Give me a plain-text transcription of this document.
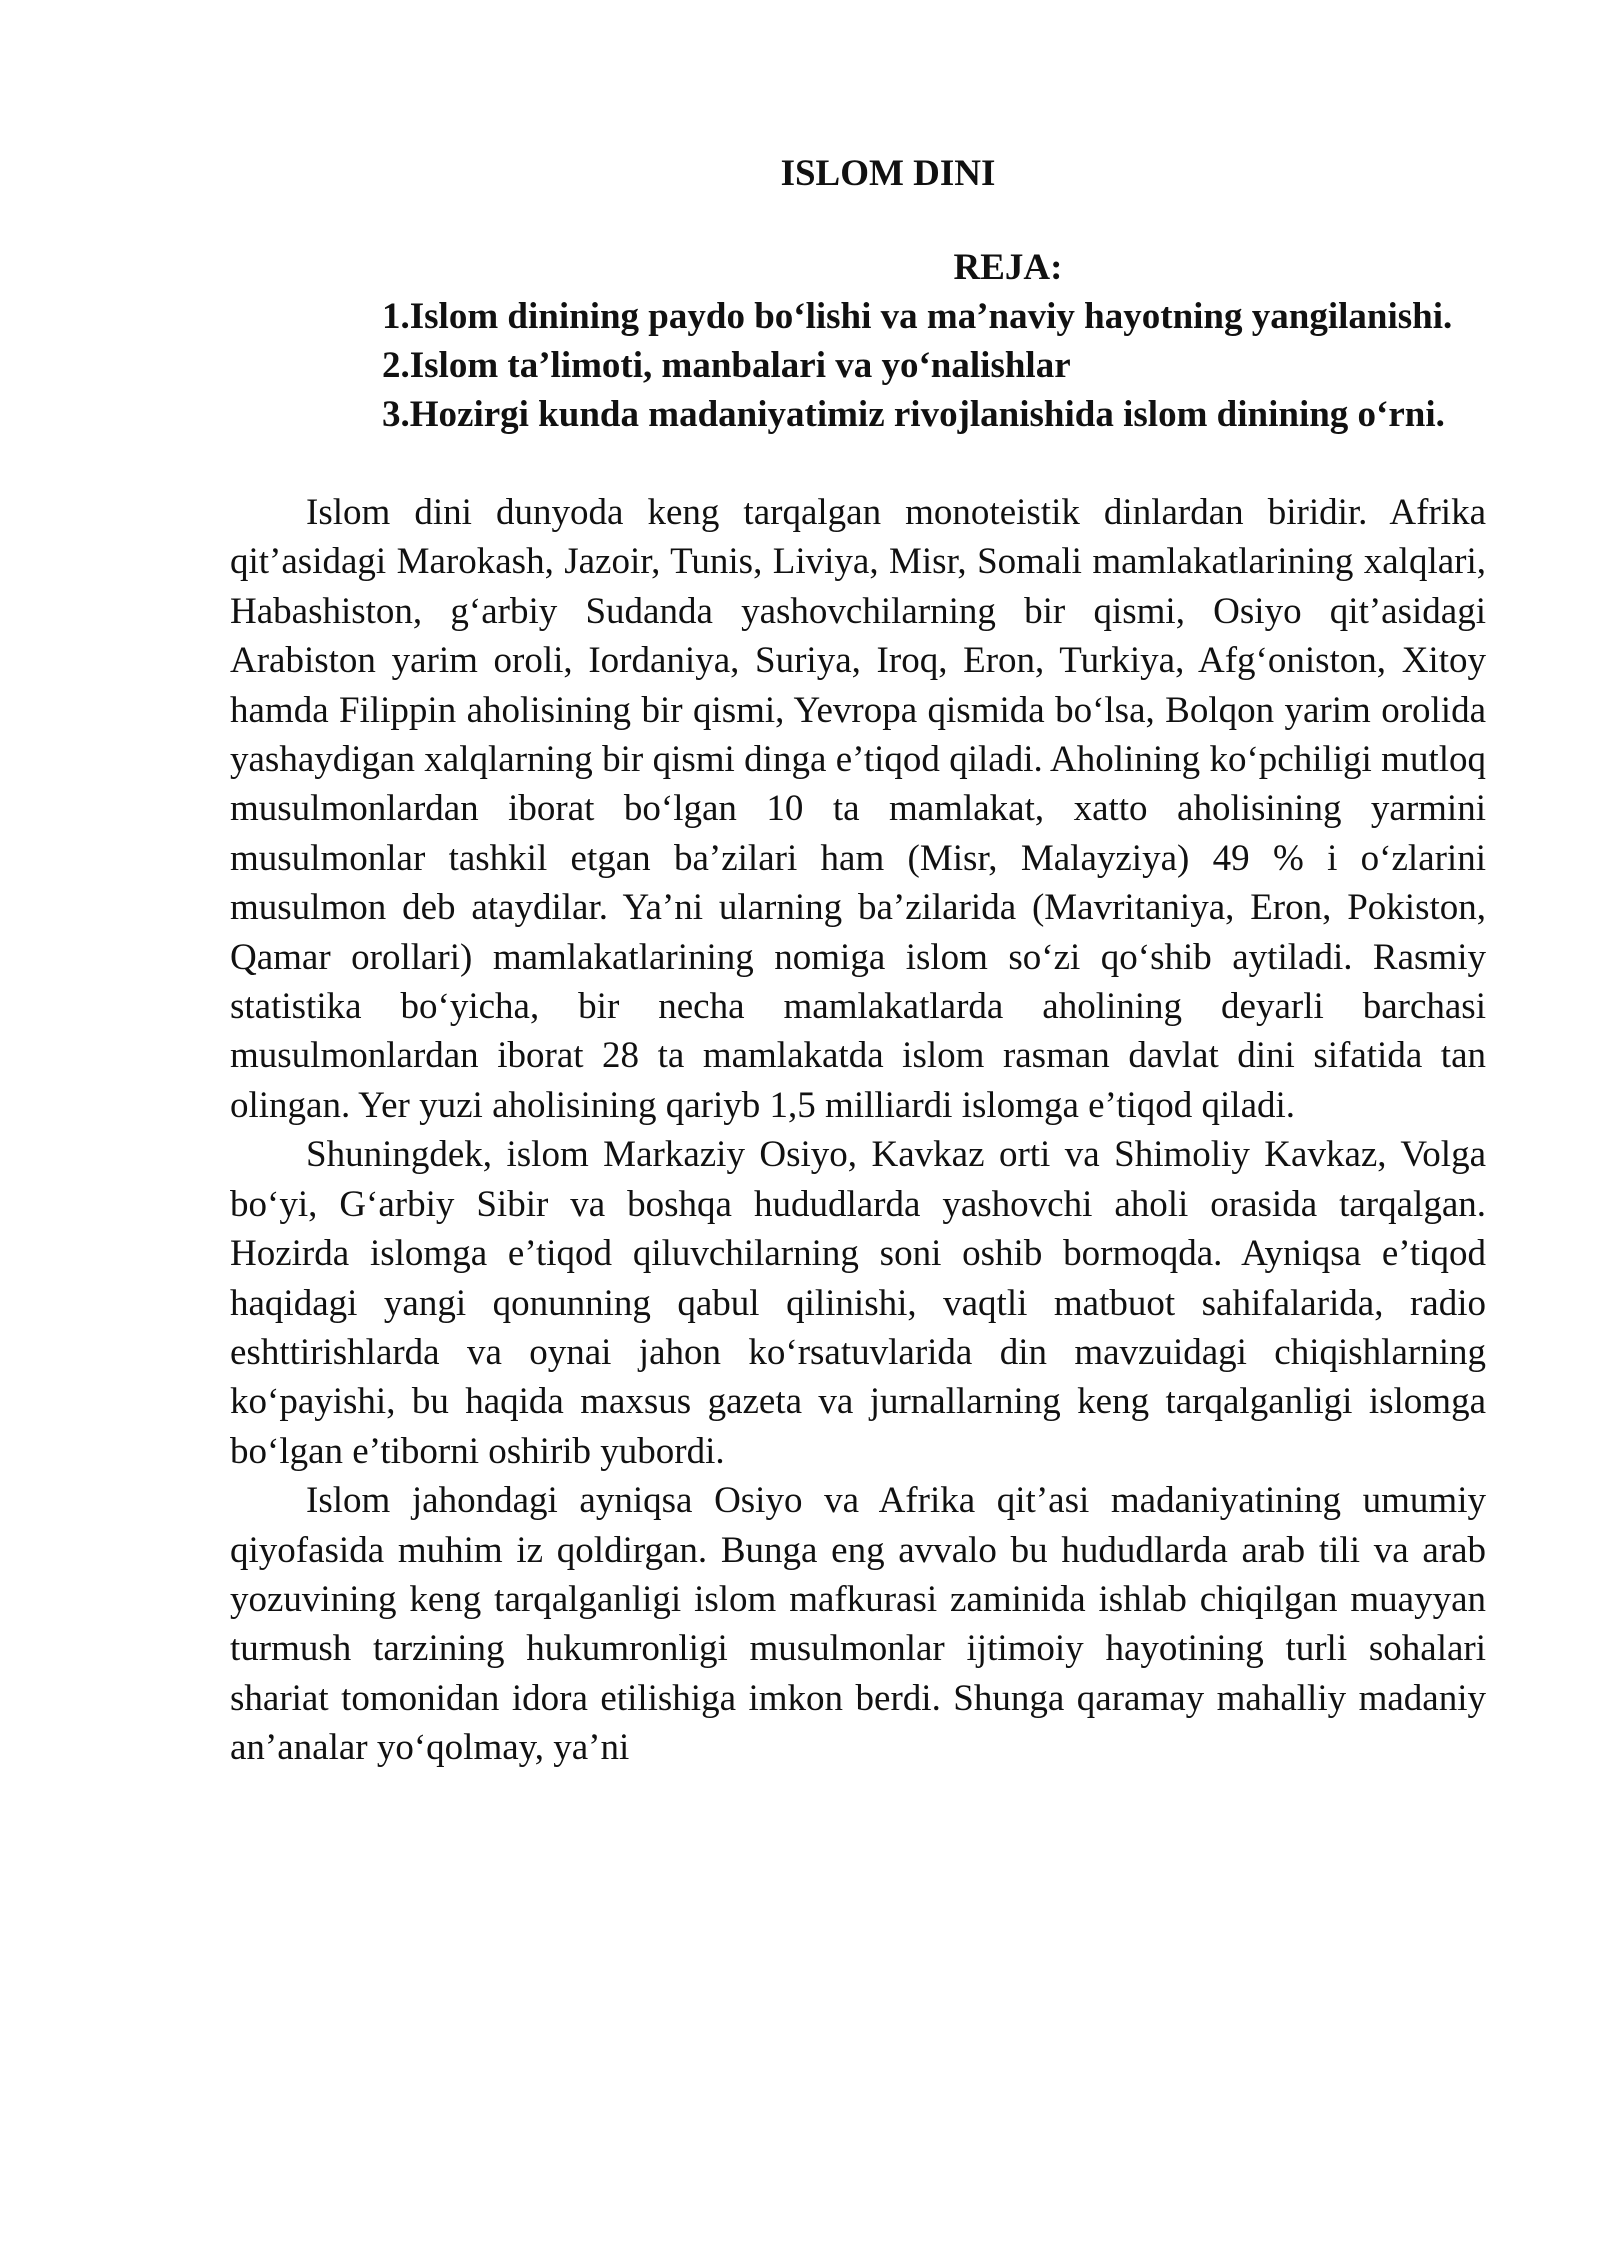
ISLOM DINI
REJA:
1.Islom dinining paydo bo‘lishi va ma’naviy hayotning yangilanishi.
2.Islom ta’limoti, manbalari va yo‘nalishlar
3.Hozirgi kunda madaniyatimiz rivojlanishida islom dinining o‘rni.

Islom dini dunyoda keng tarqalgan monoteistik dinlardan biridir. Afrika qit’asidagi Marokash, Jazoir, Tunis, Liviya, Misr, Somali mamlakatlarining xalqlari, Habashiston, g‘arbiy Sudanda yashovchilarning bir qismi, Osiyo qit’asidagi Arabiston yarim oroli, Iordaniya, Suriya, Iroq, Eron, Turkiya, Afg‘oniston, Xitoy hamda Filippin aholisining bir qismi, Yevropa qismida bo‘lsa, Bolqon yarim orolida yashaydigan xalqlarning bir qismi dinga e’tiqod qiladi. Aholining ko‘pchiligi mutloq musulmonlardan iborat bo‘lgan 10 ta mamlakat, xatto aholisining yarmini musulmonlar tashkil etgan ba’zilari ham (Misr, Malayziya) 49 % i o‘zlarini musulmon deb ataydilar. Ya’ni ularning ba’zilarida (Mavritaniya, Eron, Pokiston, Qamar orollari) mamlakatlarining nomiga islom so‘zi qo‘shib aytiladi. Rasmiy statistika bo‘yicha, bir necha mamlakatlarda aholining deyarli barchasi musulmonlardan iborat 28 ta mamlakatda islom rasman davlat dini sifatida tan olingan. Yer yuzi aholisining qariyb 1,5 milliardi islomga e’tiqod qiladi.

Shuningdek, islom Markaziy Osiyo, Kavkaz orti va Shimoliy Kavkaz, Volga bo‘yi, G‘arbiy Sibir va boshqa hududlarda yashovchi aholi orasida tarqalgan. Hozirda islomga e’tiqod qiluvchilarning soni oshib bormoqda. Ayniqsa e’tiqod haqidagi yangi qonunning qabul qilinishi, vaqtli matbuot sahifalarida, radio eshttirishlarda va oynai jahon ko‘rsatuvlarida din mavzuidagi chiqishlarning ko‘payishi, bu haqida maxsus gazeta va jurnallarning keng tarqalganligi islomga bo‘lgan e’tiborni oshirib yubordi.

Islom jahondagi ayniqsa Osiyo va Afrika qit’asi madaniyatining umumiy qiyofasida muhim iz qoldirgan. Bunga eng avvalo bu hududlarda arab tili va arab yozuvining keng tarqalganligi islom mafkurasi zaminida ishlab chiqilgan muayyan turmush tarzining hukumronligi musulmonlar ijtimoiy hayotining turli sohalari shariat tomonidan idora etilishiga imkon berdi. Shunga qaramay mahalliy madaniy an’analar yo‘qolmay, ya’ni
